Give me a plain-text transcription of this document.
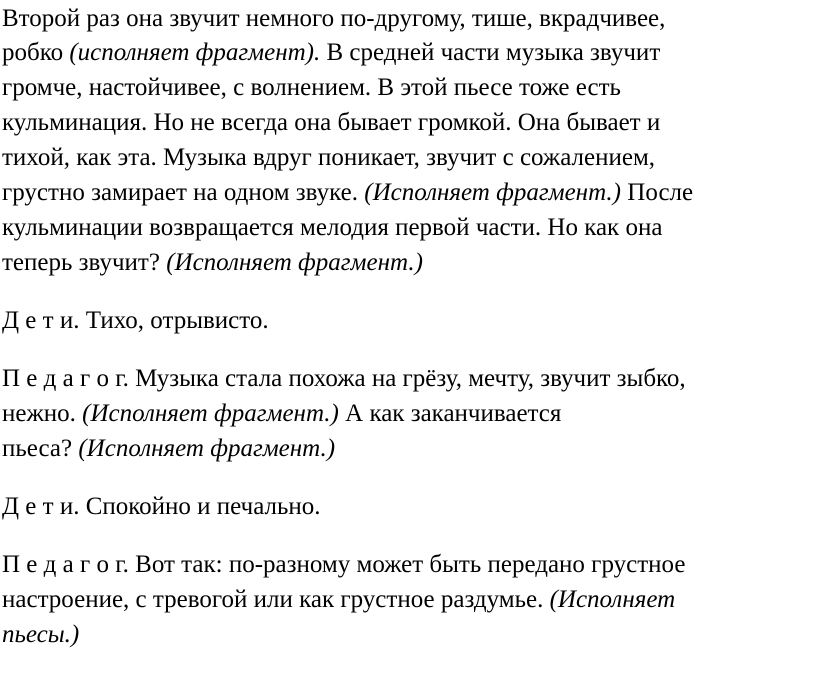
Второй раз она звучит немного по-другому, тише, вкрадчивее,
робко (исполняет фрагмент). В средней части музыка звучит
громче, настойчивее, с волнением. В этой пьесе тоже есть
кульминация. Но не всегда она бывает громкой. Она бывает и
тихой, как эта. Музыка вдруг поникает, звучит с сожалением,
грустно замирает на одном звуке. (Исполняет фрагмент.) После
кульминации возвращается мелодия первой части. Но как она
теперь звучит? (Исполняет фрагмент.)
Д е т и. Тихо, отрывисто.
П е д а г о г. Музыка стала похожа на грёзу, мечту, звучит зыбко,
нежно. (Исполняет фрагмент.) А как заканчивается
пьеса? (Исполняет фрагмент.)
Д е т и. Спокойно и печально.
П е д а г о г. Вот так: по-разному может быть передано грустное
настроение, с тревогой или как грустное раздумье. (Исполняет
пьесы.)
